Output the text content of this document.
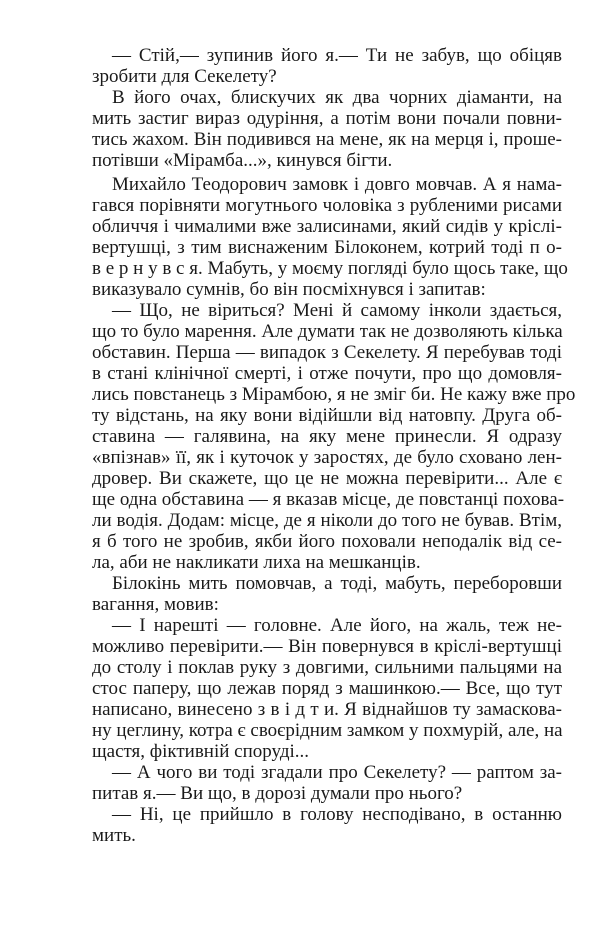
— Стій,— зупинив його я.— Ти не забув, що обіцяв
зробити для Секелету?
В його очах, блискучих як два чорних діаманти, на
мить застиг вираз одуріння, а потім вони почали повни-
тись жахом. Він подивився на мене, як на мерця і, проше-
потівши «Мірамба...», кинувся бігти.
Михайло Теодорович замовк і довго мовчав. А я нама-
гався порівняти могутнього чоловіка з рубленими рисами
обличчя і чималими вже залисинами, який сидів у кріслі-
вертушці, з тим виснаженим Білоконем, котрий тоді п о-
в е р н у в с я. Мабуть, у моєму погляді було щось таке, що
виказувало сумнів, бо він посміхнувся і запитав:
— Що, не віриться? Мені й самому інколи здається,
що то було марення. Але думати так не дозволяють кілька
обставин. Перша — випадок з Секелету. Я перебував тоді
в стані клінічної смерті, і отже почути, про що домовля-
лись повстанець з Мірамбою, я не зміг би. Не кажу вже про
ту відстань, на яку вони відійшли від натовпу. Друга об-
ставина — галявина, на яку мене принесли. Я одразу
«впізнав» її, як і куточок у заростях, де було сховано лен-
дровер. Ви скажете, що це не можна перевірити... Але є
ще одна обставина — я вказав місце, де повстанці похова-
ли водія. Додам: місце, де я ніколи до того не бував. Втім,
я б того не зробив, якби його поховали неподалік від се-
ла, аби не накликати лиха на мешканців.
Білокінь мить помовчав, а тоді, мабуть, переборовши
вагання, мовив:
— І нарешті — головне. Але його, на жаль, теж не-
можливо перевірити.— Він повернувся в кріслі-вертушці
до столу і поклав руку з довгими, сильними пальцями на
стос паперу, що лежав поряд з машинкою.— Все, що тут
написано, винесено з в і д т и. Я віднайшов ту замаскова-
ну цеглину, котра є своєрідним замком у похмурій, але, на
щастя, фіктивній споруді...
— А чого ви тоді згадали про Секелету? — раптом за-
питав я.— Ви що, в дорозі думали про нього?
— Ні, це прийшло в голову несподівано, в останню
мить.
